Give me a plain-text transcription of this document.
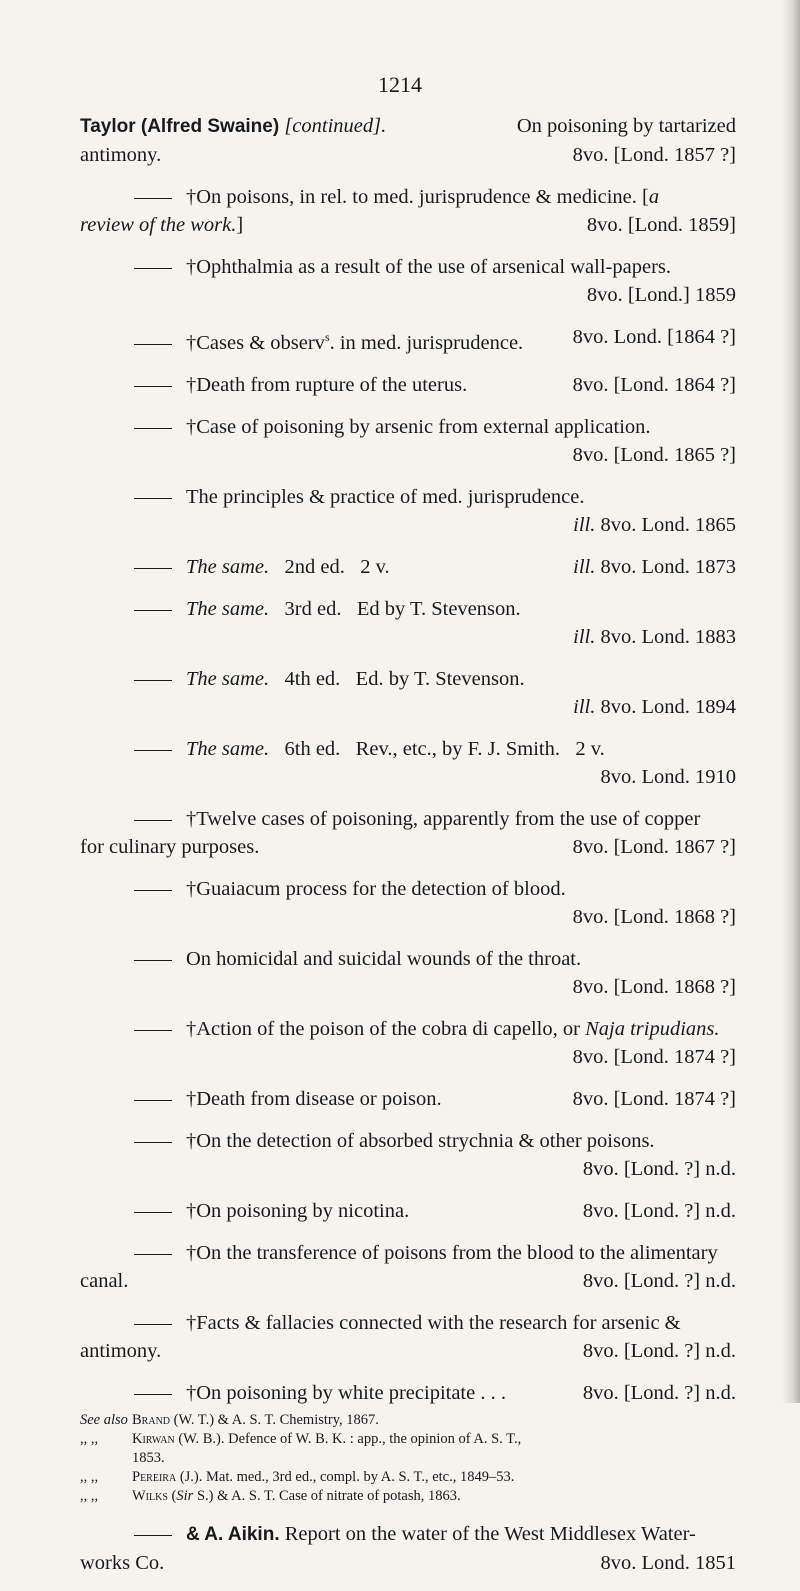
1214
Taylor (Alfred Swaine) [continued].	On poisoning by tartarized
antimony.	8vo. [Lond. 1857 ?]
†On poisons, in rel. to med. jurisprudence & medicine. [a
review of the work.]	8vo. [Lond. 1859]
†Ophthalmia as a result of the use of arsenical wall-papers.
8vo. [Lond.] 1859
†Cases & observ$^s$. in med. jurisprudence. 8vo. Lond. [1864 ?]
†Death from rupture of the uterus.	8vo. [Lond. 1864 ?]
†Case of poisoning by arsenic from external application.
8vo. [Lond. 1865 ?]
The principles & practice of med. jurisprudence.
ill. 8vo. Lond. 1865
The same. 2nd ed.   2 v.	ill. 8vo. Lond. 1873
The same. 3rd ed.   Ed by T. Stevenson.
ill. 8vo. Lond. 1883
The same. 4th ed.   Ed. by T. Stevenson.
ill. 8vo. Lond. 1894
The same. 6th ed.   Rev., etc., by F. J. Smith.   2 v.
8vo. Lond. 1910
†Twelve cases of poisoning, apparently from the use of copper
for culinary purposes.	8vo. [Lond. 1867 ?]
†Guaiacum process for the detection of blood.
8vo. [Lond. 1868 ?]
On homicidal and suicidal wounds of the throat.
8vo. [Lond. 1868 ?]
†Action of the poison of the cobra di capello, or Naja tripudians.
8vo. [Lond. 1874 ?]
†Death from disease or poison.	8vo. [Lond. 1874 ?]
†On the detection of absorbed strychnia & other poisons.
8vo. [Lond. ?] n.d.
†On poisoning by nicotina.	8vo. [Lond. ?] n.d.
†On the transference of poisons from the blood to the alimentary
canal.	8vo. [Lond. ?] n.d.
†Facts & fallacies connected with the research for arsenic &
antimony.	8vo. [Lond. ?] n.d.
†On poisoning by white precipitate . . .	8vo. [Lond. ?] n.d.
See also Brand (W. T.) & A. S. T. Chemistry, 1867.
,, ,, Kirwan (W. B.). Defence of W. B. K. : app., the opinion of A. S. T.,
1853.
,, ,, Pereira (J.). Mat. med., 3rd ed., compl. by A. S. T., etc., 1849–53.
,, ,, Wilks (Sir S.) & A. S. T. Case of nitrate of potash, 1863.
& A. Aikin. Report on the water of the West Middlesex Water-
works Co.	8vo. Lond. 1851
